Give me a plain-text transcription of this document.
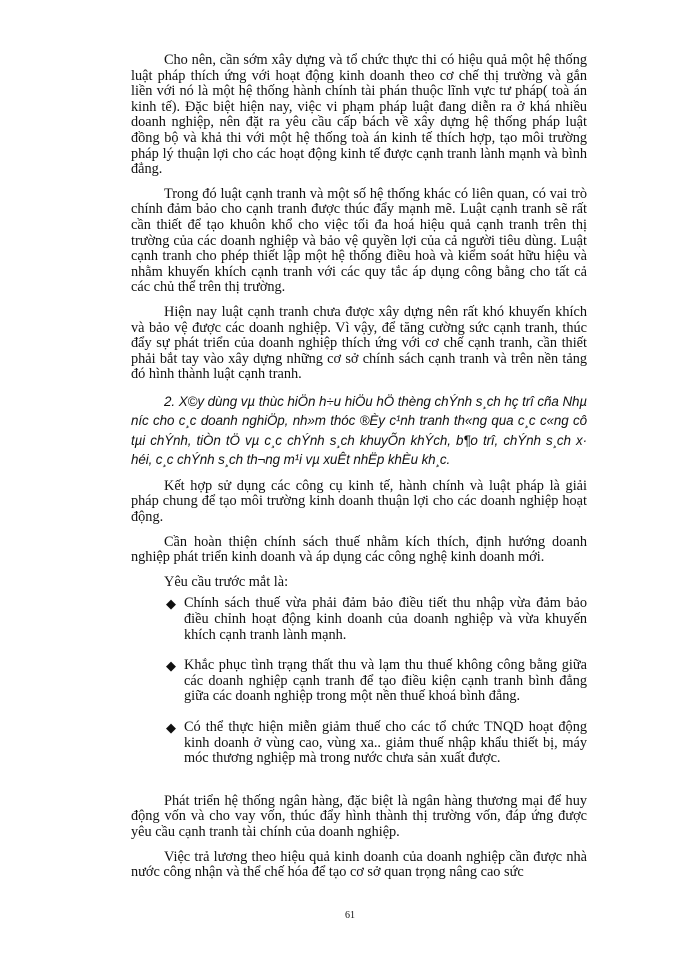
Cho nên, cần sớm xây dựng và tổ chức thực thi có hiệu quả một hệ thống luật pháp thích ứng với hoạt động kinh doanh theo cơ chế thị trường và gắn liền với nó là một hệ thống hành chính tài phán thuộc lĩnh vực tư pháp( toà án kinh tế). Đặc biệt hiện nay, việc vi phạm pháp luật đang diễn ra ở khá nhiều doanh nghiệp, nên đặt ra yêu cầu cấp bách về xây dựng hệ thống pháp luật đồng bộ và khả thi với một hệ thống toà án kinh tế thích hợp, tạo môi trường pháp lý thuận lợi cho các hoạt động kinh tế được cạnh tranh lành mạnh và bình đẳng.

Trong đó luật cạnh tranh và một số hệ thống khác có liên quan, có vai trò chính đảm bảo cho cạnh tranh được thúc đẩy mạnh mẽ. Luật cạnh tranh sẽ rất cần thiết để tạo khuôn khổ cho việc tối đa hoá hiệu quả cạnh tranh trên thị trường của các doanh nghiệp và bảo vệ quyền lợi của cả người tiêu dùng. Luật cạnh tranh cho phép thiết lập một hệ thống điều hoà và kiểm soát hữu hiệu và nhằm khuyến khích cạnh tranh với các quy tắc áp dụng công bằng cho tất cả các chủ thể trên thị trường.

Hiện nay luật cạnh tranh chưa được xây dựng nên rất khó khuyến khích và bảo vệ được các doanh nghiệp. Vì vậy, để tăng cường sức cạnh tranh, thúc đẩy sự phát triển của doanh nghiệp thích ứng với cơ chế cạnh tranh, cần thiết phải bắt tay vào xây dựng những cơ sở chính sách cạnh tranh và trên nền tảng đó hình thành luật cạnh tranh.

2. X©y dùng vµ thùc hiÖn h÷u hiÖu hÖ thèng chÝnh s¸ch hç trî cña Nhµ níc cho c¸c doanh nghiÖp, nh»m thóc ®Èy c¹nh tranh th«ng qua c¸c c«ng cô tµi chÝnh, tiÒn tÖ vµ c¸c chÝnh s¸ch khuyÕn khÝch, b¶o trî, chÝnh s¸ch x· héi, c¸c chÝnh s¸ch th¬ng m¹i vµ xuÊt nhËp khÈu kh¸c.

Kết hợp sử dụng các công cụ kinh tế, hành chính và luật pháp là giải pháp chung để tạo môi trường kinh doanh thuận lợi cho các doanh nghiệp hoạt động.

Cần hoàn thiện chính sách thuế nhằm kích thích, định hướng doanh nghiệp phát triển kinh doanh và áp dụng các công nghệ kinh doanh mới.

Yêu cầu trước mắt là:

◆ Chính sách thuế vừa phải đảm bảo điều tiết thu nhập vừa đảm bảo điều chỉnh hoạt động kinh doanh của doanh nghiệp và vừa khuyến khích cạnh tranh lành mạnh.
◆ Khắc phục tình trạng thất thu và lạm thu thuế không công bằng giữa các doanh nghiệp cạnh tranh để tạo điều kiện cạnh tranh bình đẳng giữa các doanh nghiệp trong một nền thuế khoá bình đẳng.
◆ Có thể thực hiện miễn giảm thuế cho các tổ chức TNQD hoạt động kinh doanh ở vùng cao, vùng xa.. giảm thuế nhập khẩu thiết bị, máy móc thương nghiệp mà trong nước chưa sản xuất được.

Phát triển hệ thống ngân hàng, đặc biệt là ngân hàng thương mại để huy động vốn và cho vay vốn, thúc đẩy hình thành thị trường vốn, đáp ứng được yêu cầu cạnh tranh tài chính của doanh nghiệp.

Việc trả lương theo hiệu quả kinh doanh của doanh nghiệp cần được nhà nước công nhận và thể chế hóa để tạo cơ sở quan trọng nâng cao sức

61
